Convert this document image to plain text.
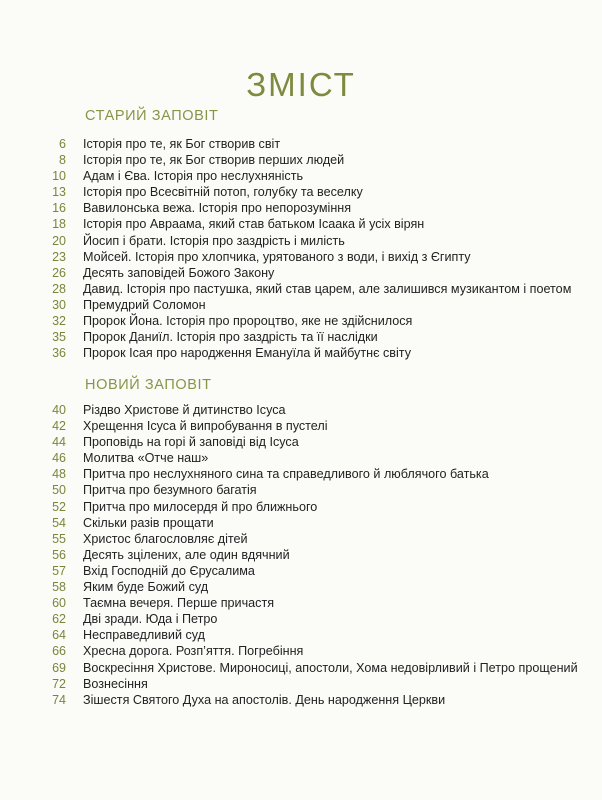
ЗМІСТ
СТАРИЙ ЗАПОВІТ
6 Історія про те, як Бог створив світ
8 Історія про те, як Бог створив перших людей
10 Адам і Єва. Історія про неслухняність
13 Історія про Всесвітній потоп, голубку та веселку
16 Вавилонська вежа. Історія про непорозуміння
18 Історія про Авраама, який став батьком Ісаака й усіх вірян
20 Йосип і брати. Історія про заздрість і милість
23 Мойсей. Історія про хлопчика, урятованого з води, і вихід з Єгипту
26 Десять заповідей Божого Закону
28 Давид. Історія про пастушка, який став царем, але залишився музикантом і поетом
30 Премудрий Соломон
32 Пророк Йона. Історія про пророцтво, яке не здійснилося
35 Пророк Даниїл. Історія про заздрість та її наслідки
36 Пророк Ісая про народження Емануїла й майбутнє світу
НОВИЙ ЗАПОВІТ
40 Різдво Христове й дитинство Ісуса
42 Хрещення Ісуса й випробування в пустелі
44 Проповідь на горі й заповіді від Ісуса
46 Молитва «Отче наш»
48 Притча про неслухняного сина та справедливого й люблячого батька
50 Притча про безумного багатія
52 Притча про милосердя й про ближнього
54 Скільки разів прощати
55 Христос благословляє дітей
56 Десять зцілених, але один вдячний
57 Вхід Господній до Єрусалима
58 Яким буде Божий суд
60 Таємна вечеря. Перше причастя
62 Дві зради. Юда і Петро
64 Несправедливий суд
66 Хресна дорога. Розп’яття. Погребіння
69 Воскресіння Христове. Мироносиці, апостоли, Хома недовірливий і Петро прощений
72 Вознесіння
74 Зішестя Святого Духа на апостолів. День народження Церкви
